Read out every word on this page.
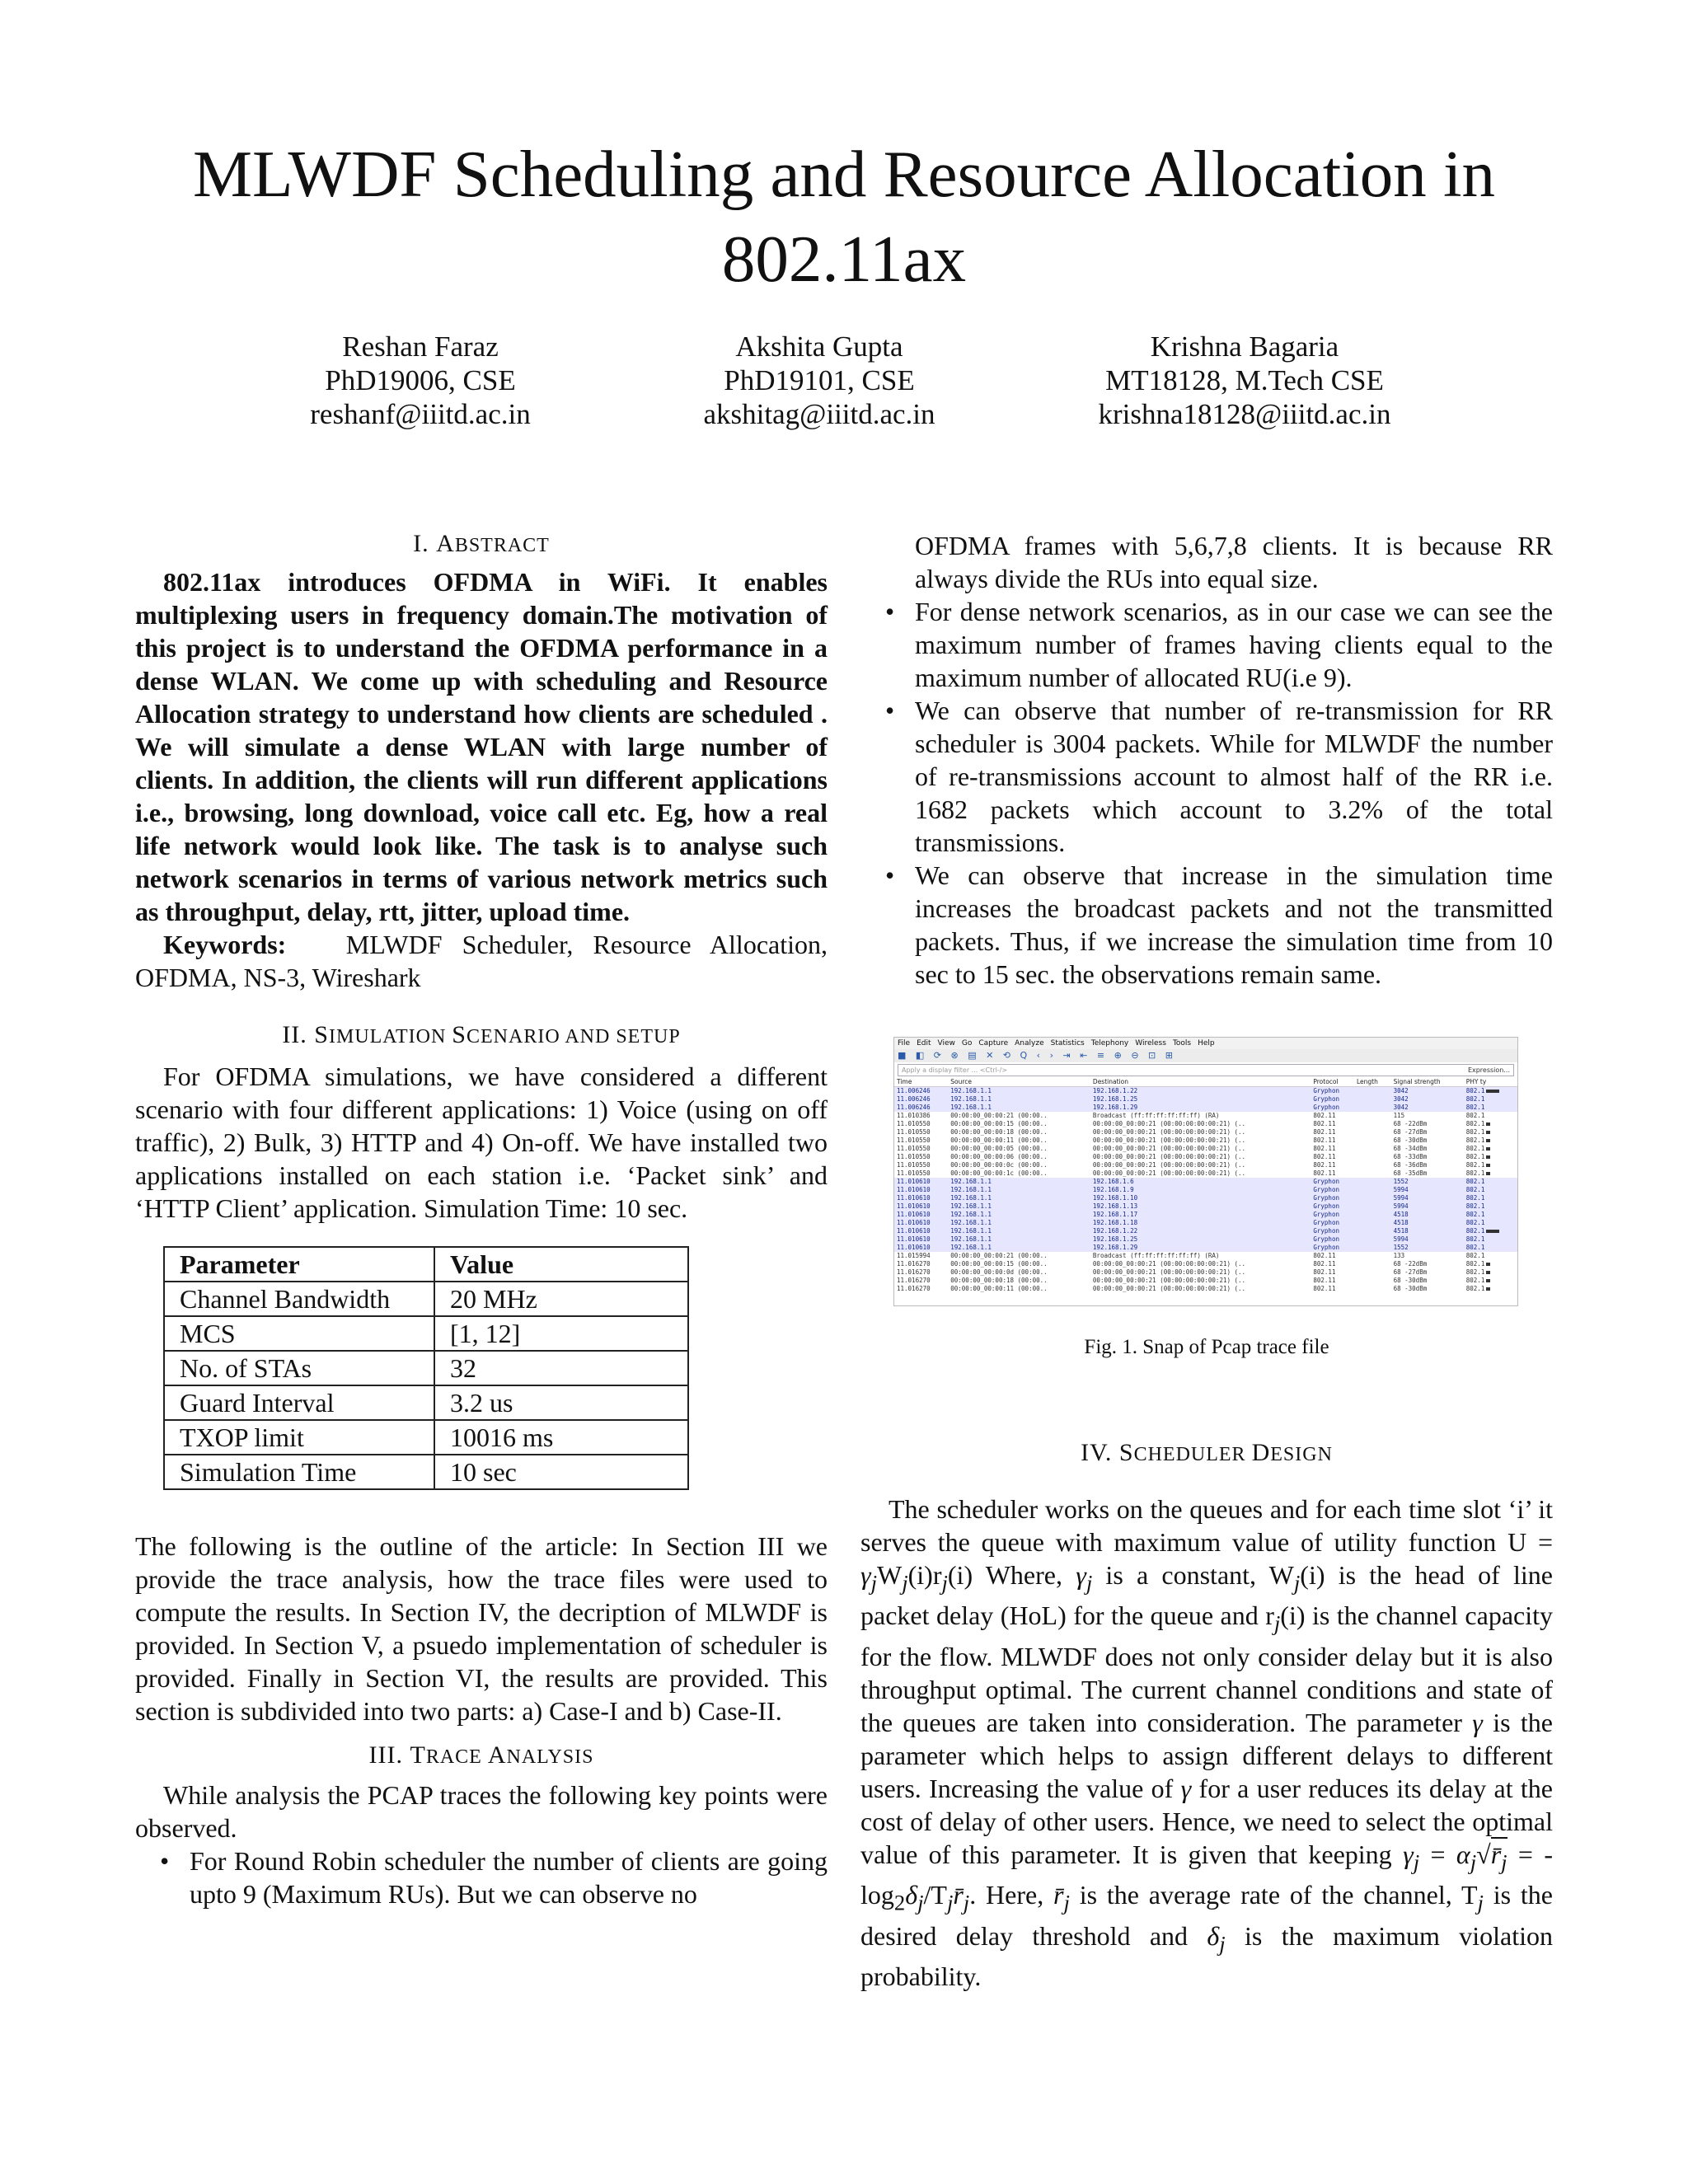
MLWDF Scheduling and Resource Allocation in 802.11ax
Reshan Faraz
PhD19006, CSE
reshanf@iiitd.ac.in
Akshita Gupta
PhD19101, CSE
akshitag@iiitd.ac.in
Krishna Bagaria
MT18128, M.Tech CSE
krishna18128@iiitd.ac.in
I. ABSTRACT

802.11ax introduces OFDMA in WiFi. It enables multiplexing users in frequency domain.The motivation of this project is to understand the OFDMA performance in a dense WLAN. We come up with scheduling and Resource Allocation strategy to understand how clients are scheduled . We will simulate a dense WLAN with large number of clients. In addition, the clients will run different applications i.e., browsing, long download, voice call etc. Eg, how a real life network would look like. The task is to analyse such network scenarios in terms of various network metrics such as throughput, delay, rtt, jitter, upload time.

Keywords: MLWDF Scheduler, Resource Allocation, OFDMA, NS-3, Wireshark

II. SIMULATION SCENARIO AND SETUP

For OFDMA simulations, we have considered a different scenario with four different applications: 1) Voice (using on off traffic), 2) Bulk, 3) HTTP and 4) On-off. We have installed two applications installed on each station i.e. ‘Packet sink’ and ‘HTTP Client’ application. Simulation Time: 10 sec.

Parameter	Value
Channel Bandwidth	20 MHz
MCS	[1, 12]
No. of STAs	32
Guard Interval	3.2 us
TXOP limit	10016 ms
Simulation Time	10 sec

The following is the outline of the article: In Section III we provide the trace analysis, how the trace files were used to compute the results. In Section IV, the decription of MLWDF is provided. In Section V, a psuedo implementation of scheduler is provided. Finally in Section VI, the results are provided. This section is subdivided into two parts: a) Case-I and b) Case-II.

III. TRACE ANALYSIS

While analysis the PCAP traces the following key points were observed.

• For Round Robin scheduler the number of clients are going upto 9 (Maximum RUs). But we can observe no
OFDMA frames with 5,6,7,8 clients. It is because RR always divide the RUs into equal size.
• For dense network scenarios, as in our case we can see the maximum number of frames having clients equal to the maximum number of allocated RU(i.e 9).
• We can observe that number of re-transmission for RR scheduler is 3004 packets. While for MLWDF the number of re-transmissions account to almost half of the RR i.e. 1682 packets which account to 3.2% of the total transmissions.
• We can observe that increase in the simulation time increases the broadcast packets and not the transmitted packets. Thus, if we increase the simulation time from 10 sec to 15 sec. the observations remain same.
File Edit View Go Capture Analyze Statistics Telephony Wireless Tools Help
■ ◧ ⟳ ⊗ ▤ ✕ ⟲ Q ‹ › ⇥ ⇤ ≡ ⊕ ⊖ ⊡ ⊞
Apply a display filter ... <Ctrl-/>	Expression...
Time	Source	Destination	Protocol	Length	Signal strength	PHY ty
11.006246	192.168.1.1	192.168.1.22	Gryphon		3042	802.1
11.006246	192.168.1.1	192.168.1.25	Gryphon		3042	802.1
11.006246	192.168.1.1	192.168.1.29	Gryphon		3042	802.1
11.010386	00:00:00_00:00:21 (00:00..	Broadcast (ff:ff:ff:ff:ff:ff) (RA)	802.11		115	802.1
11.010550	00:00:00_00:00:15 (00:00..	00:00:00_00:00:21 (00:00:00:00:00:21) (..	802.11		68 -22dBm	802.1
11.010550	00:00:00_00:00:18 (00:00..	00:00:00_00:00:21 (00:00:00:00:00:21) (..	802.11		68 -27dBm	802.1
11.010550	00:00:00_00:00:11 (00:00..	00:00:00_00:00:21 (00:00:00:00:00:21) (..	802.11		68 -30dBm	802.1
11.010550	00:00:00_00:00:05 (00:00..	00:00:00_00:00:21 (00:00:00:00:00:21) (..	802.11		68 -34dBm	802.1
11.010550	00:00:00_00:00:06 (00:00..	00:00:00_00:00:21 (00:00:00:00:00:21) (..	802.11		68 -33dBm	802.1
11.010550	00:00:00_00:00:0c (00:00..	00:00:00_00:00:21 (00:00:00:00:00:21) (..	802.11		68 -36dBm	802.1
11.010550	00:00:00_00:00:1c (00:00..	00:00:00_00:00:21 (00:00:00:00:00:21) (..	802.11		68 -35dBm	802.1
11.010610	192.168.1.1	192.168.1.6	Gryphon		1552	802.1
11.010610	192.168.1.1	192.168.1.9	Gryphon		5994	802.1
11.010610	192.168.1.1	192.168.1.10	Gryphon		5994	802.1
11.010610	192.168.1.1	192.168.1.13	Gryphon		5994	802.1
11.010610	192.168.1.1	192.168.1.17	Gryphon		4518	802.1
11.010610	192.168.1.1	192.168.1.18	Gryphon		4518	802.1
11.010610	192.168.1.1	192.168.1.22	Gryphon		4518	802.1
11.010610	192.168.1.1	192.168.1.25	Gryphon		5994	802.1
11.010610	192.168.1.1	192.168.1.29	Gryphon		1552	802.1
11.015994	00:00:00_00:00:21 (00:00..	Broadcast (ff:ff:ff:ff:ff:ff) (RA)	802.11		133	802.1
11.016270	00:00:00_00:00:15 (00:00..	00:00:00_00:00:21 (00:00:00:00:00:21) (..	802.11		68 -22dBm	802.1
11.016270	00:00:00_00:00:0d (00:00..	00:00:00_00:00:21 (00:00:00:00:00:21) (..	802.11		68 -27dBm	802.1
11.016270	00:00:00_00:00:18 (00:00..	00:00:00_00:00:21 (00:00:00:00:00:21) (..	802.11		68 -30dBm	802.1
11.016270	00:00:00_00:00:11 (00:00..	00:00:00_00:00:21 (00:00:00:00:00:21) (..	802.11		68 -30dBm	802.1
Fig. 1. Snap of Pcap trace file
IV. SCHEDULER DESIGN

The scheduler works on the queues and for each time slot ‘i’ it serves the queue with maximum value of utility function $U = \gamma_jW_j(i)r_j(i)$ Where, $\gamma_j$ is a constant, $W_j(i)$ is the head of line packet delay (HoL) for the queue and $r_j(i)$ is the channel capacity for the flow. MLWDF does not only consider delay but it is also throughput optimal. The current channel conditions and state of the queues are taken into consideration. The parameter γ is the parameter which helps to assign different delays to different users. Increasing the value of γ for a user reduces its delay at the cost of delay of other users. Hence, we need to select the optimal value of this parameter. It is given that keeping $\gamma_j$ = $\alpha_j√r̄_j$ = $-\log_2\delta_j/T_jr̄_j$. Here, $r̄_j$ is the average rate of the channel, $T_j$ is the desired delay threshold and $\delta_j$ is the maximum violation probability.
